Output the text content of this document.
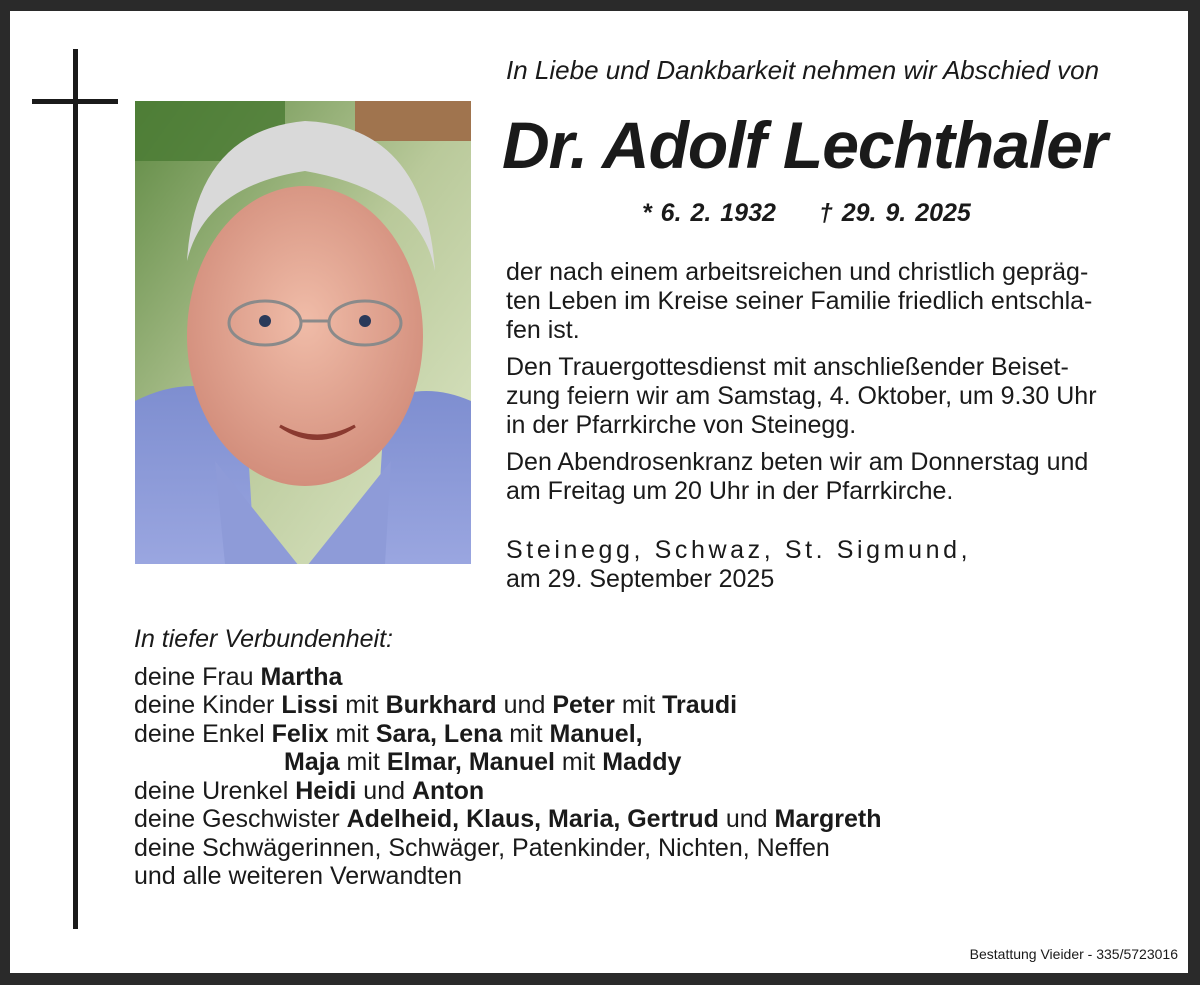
In Liebe und Dankbarkeit nehmen wir Abschied von
Dr. Adolf Lechthaler
* 6. 2. 1932 † 29. 9. 2025
der nach einem arbeitsreichen und christlich gepräg-
ten Leben im Kreise seiner Familie friedlich entschla-
fen ist.
Den Trauergottesdienst mit anschließender Beiset-
zung feiern wir am Samstag, 4. Oktober, um 9.30 Uhr
in der Pfarrkirche von Steinegg.
Den Abendrosenkranz beten wir am Donnerstag und
am Freitag um 20 Uhr in der Pfarrkirche.
Steinegg, Schwaz, St. Sigmund,
am 29. September 2025
In tiefer Verbundenheit:
deine Frau Martha
deine Kinder Lissi mit Burkhard und Peter mit Traudi
deine Enkel Felix mit Sara, Lena mit Manuel,
Maja mit Elmar, Manuel mit Maddy
deine Urenkel Heidi und Anton
deine Geschwister Adelheid, Klaus, Maria, Gertrud und Margreth
deine Schwägerinnen, Schwäger, Patenkinder, Nichten, Neffen
und alle weiteren Verwandten
Bestattung Vieider - 335/5723016
